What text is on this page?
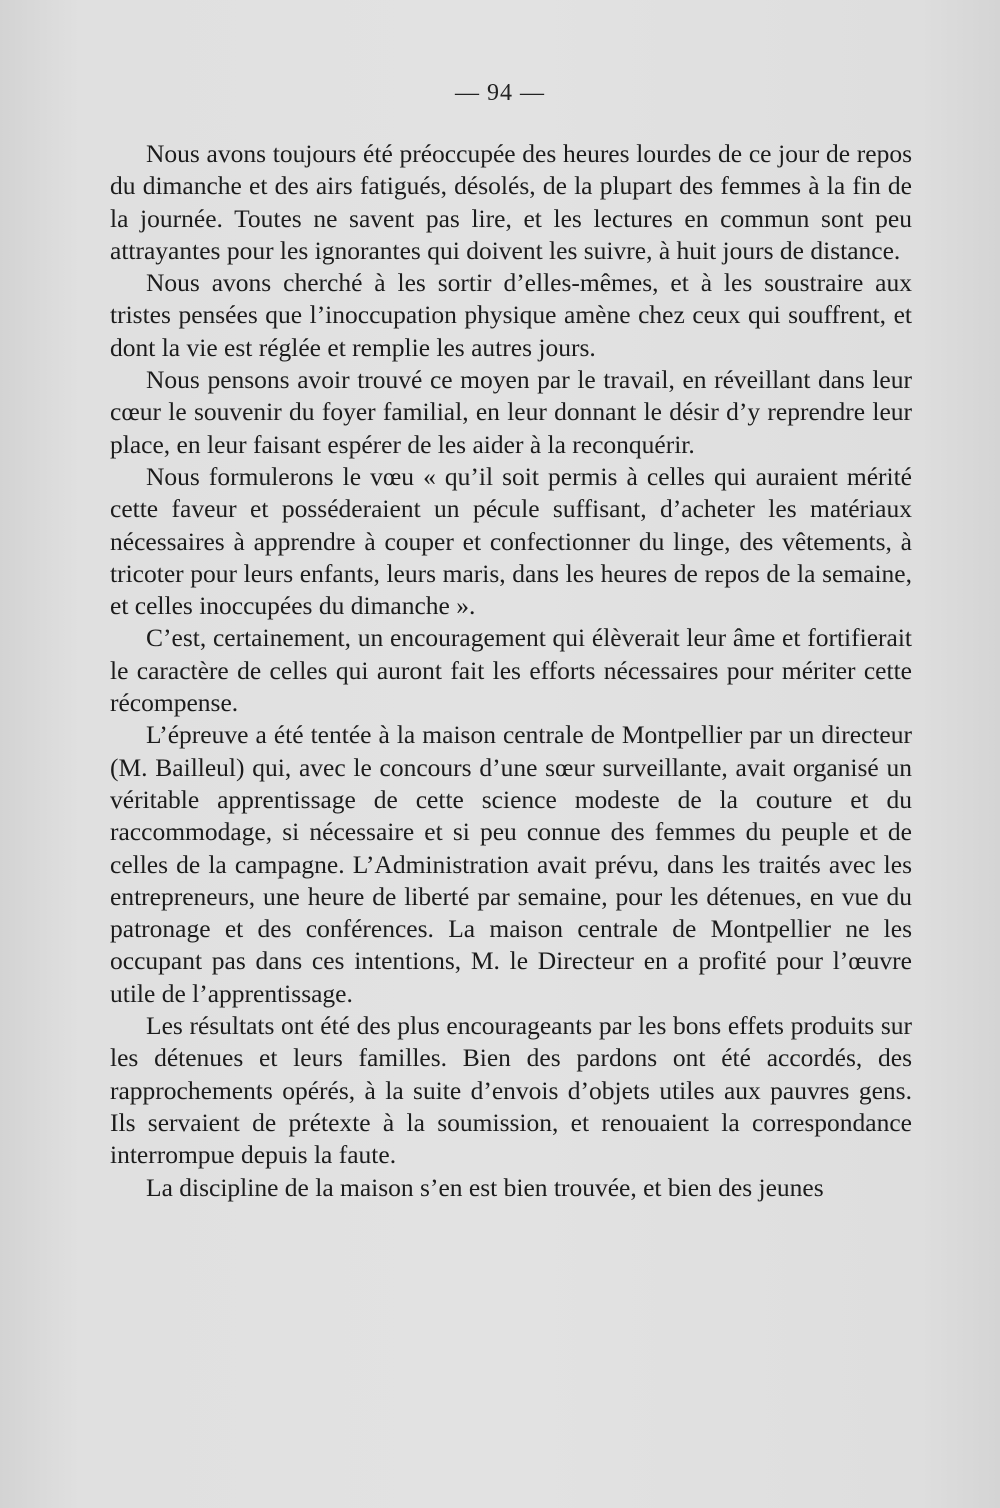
— 94 —

Nous avons toujours été préoccupée des heures lourdes de ce jour de repos du dimanche et des airs fatigués, désolés, de la plupart des femmes à la fin de la journée. Toutes ne savent pas lire, et les lectures en commun sont peu attrayantes pour les ignorantes qui doivent les suivre, à huit jours de distance.

Nous avons cherché à les sortir d’elles-mêmes, et à les soustraire aux tristes pensées que l’inoccupation physique amène chez ceux qui souffrent, et dont la vie est réglée et remplie les autres jours.

Nous pensons avoir trouvé ce moyen par le travail, en réveillant dans leur cœur le souvenir du foyer familial, en leur donnant le désir d’y reprendre leur place, en leur faisant espérer de les aider à la reconquérir.

Nous formulerons le vœu « qu’il soit permis à celles qui auraient mérité cette faveur et posséderaient un pécule suffisant, d’acheter les matériaux nécessaires à apprendre à couper et confectionner du linge, des vêtements, à tricoter pour leurs enfants, leurs maris, dans les heures de repos de la semaine, et celles inoccupées du dimanche ».

C’est, certainement, un encouragement qui élèverait leur âme et fortifierait le caractère de celles qui auront fait les efforts nécessaires pour mériter cette récompense.

L’épreuve a été tentée à la maison centrale de Montpellier par un directeur (M. Bailleul) qui, avec le concours d’une sœur surveillante, avait organisé un véritable apprentissage de cette science modeste de la couture et du raccommodage, si nécessaire et si peu connue des femmes du peuple et de celles de la campagne. L’Administration avait prévu, dans les traités avec les entrepreneurs, une heure de liberté par semaine, pour les détenues, en vue du patronage et des conférences. La maison centrale de Montpellier ne les occupant pas dans ces intentions, M. le Directeur en a profité pour l’œuvre utile de l’apprentissage.

Les résultats ont été des plus encourageants par les bons effets produits sur les détenues et leurs familles. Bien des pardons ont été accordés, des rapprochements opérés, à la suite d’envois d’objets utiles aux pauvres gens. Ils servaient de prétexte à la soumission, et renouaient la correspondance interrompue depuis la faute.

La discipline de la maison s’en est bien trouvée, et bien des jeunes
